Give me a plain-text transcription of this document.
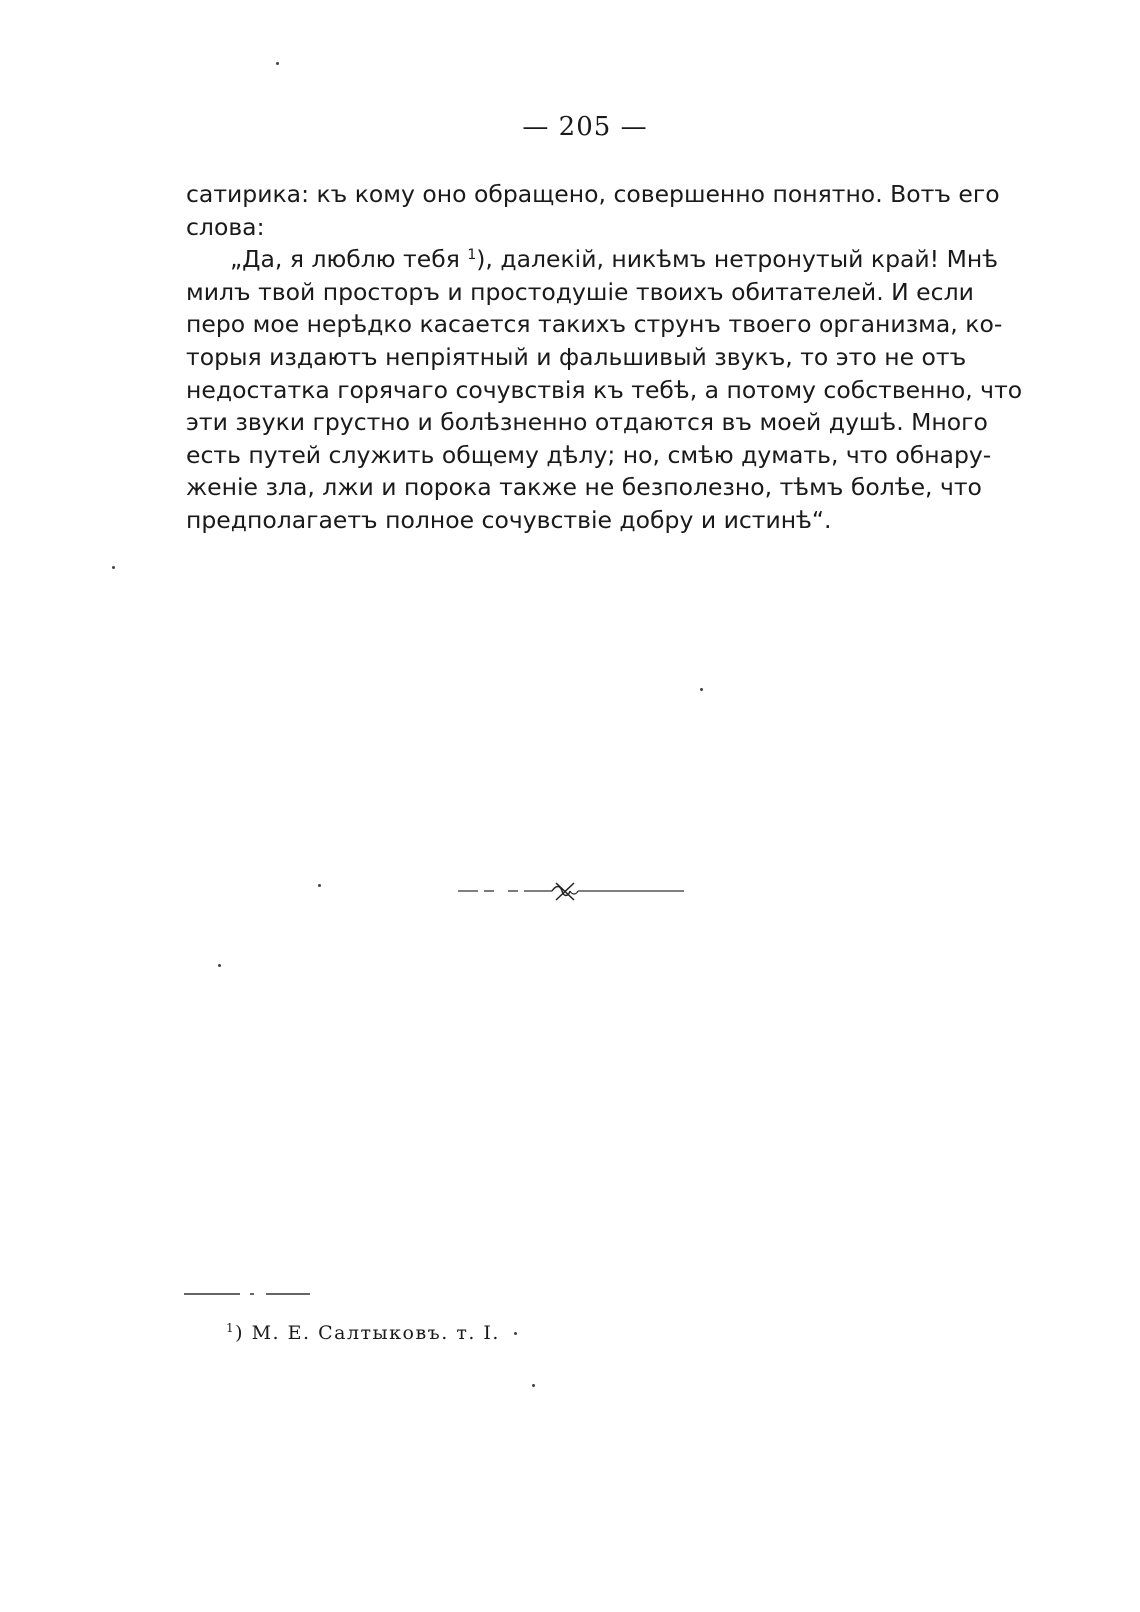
— 205 —
сатирика: къ кому оно обращено, совершенно понятно. Вотъ его
слова:
„Да, я люблю тебя $^1$), далекій, никѣмъ нетронутый край! Мнѣ
милъ твой просторъ и простодушіе твоихъ обитателей. И если
перо мое нерѣдко касается такихъ струнъ твоего организма, ко-
торыя издаютъ непріятный и фальшивый звукъ, то это не отъ
недостатка горячаго сочувствія къ тебѣ, а потому собственно, что
эти звуки грустно и болѣзненно отдаются въ моей душѣ. Много
есть путей служить общему дѣлу; но, смѣю думать, что обнару-
женіе зла, лжи и порока также не безполезно, тѣмъ болѣе, что
предполагаетъ полное сочувствіе добру и истинѣ“.
$^1$) М. Е. Салтыковъ. т. I.
